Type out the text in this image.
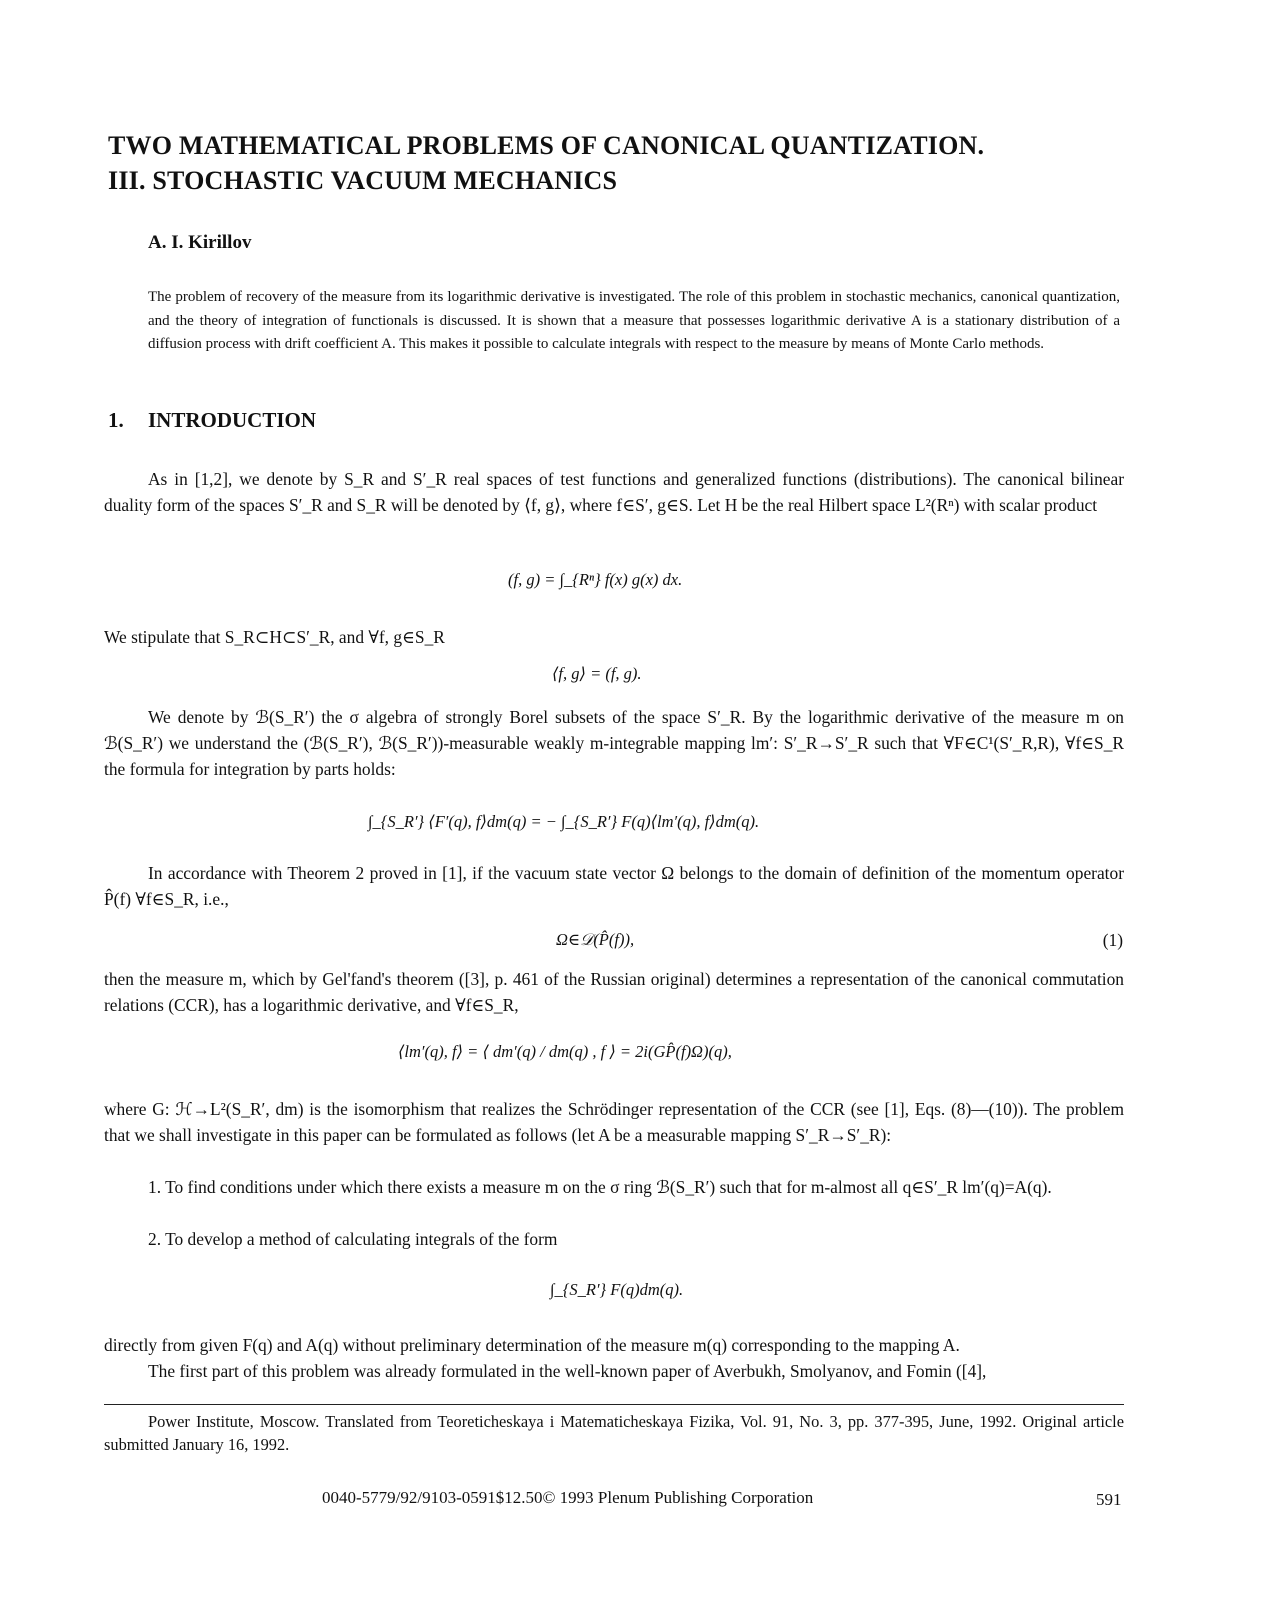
TWO MATHEMATICAL PROBLEMS OF CANONICAL QUANTIZATION.
III. STOCHASTIC VACUUM MECHANICS
A. I. Kirillov
The problem of recovery of the measure from its logarithmic derivative is investigated. The role of this problem in stochastic mechanics, canonical quantization, and the theory of integration of functionals is discussed. It is shown that a measure that possesses logarithmic derivative A is a stationary distribution of a diffusion process with drift coefficient A. This makes it possible to calculate integrals with respect to the measure by means of Monte Carlo methods.
1. INTRODUCTION
As in [1,2], we denote by S_R and S′_R real spaces of test functions and generalized functions (distributions). The canonical bilinear duality form of the spaces S′_R and S_R will be denoted by ⟨f, g⟩, where f∈S′, g∈S. Let H be the real Hilbert space L²(Rⁿ) with scalar product
(f, g) = ∫_{Rⁿ} f(x) g(x) dx.
We stipulate that S_R⊂H⊂S′_R, and ∀f, g∈S_R
⟨f, g⟩ = (f, g).
We denote by ℬ(S_R′) the σ algebra of strongly Borel subsets of the space S′_R. By the logarithmic derivative of the measure m on ℬ(S_R′) we understand the (ℬ(S_R′), ℬ(S_R′))-measurable weakly m-integrable mapping lm′: S′_R→S′_R such that ∀F∈C¹(S′_R,R), ∀f∈S_R the formula for integration by parts holds:
∫_{S_R′} ⟨F′(q), f⟩dm(q) = − ∫_{S_R′} F(q)⟨lm′(q), f⟩dm(q).
In accordance with Theorem 2 proved in [1], if the vacuum state vector Ω belongs to the domain of definition of the momentum operator P̂(f) ∀f∈S_R, i.e.,
Ω∈𝒟(P̂(f)),	(1)
then the measure m, which by Gel'fand's theorem ([3], p. 461 of the Russian original) determines a representation of the canonical commutation relations (CCR), has a logarithmic derivative, and ∀f∈S_R,
⟨lm′(q), f⟩ = ⟨ dm′(q) / dm(q) , f ⟩ = 2i(GP̂(f)Ω)(q),
where G: ℋ→L²(S_R′, dm) is the isomorphism that realizes the Schrödinger representation of the CCR (see [1], Eqs. (8)—(10)). The problem that we shall investigate in this paper can be formulated as follows (let A be a measurable mapping S′_R→S′_R):
1. To find conditions under which there exists a measure m on the σ ring ℬ(S_R′) such that for m-almost all q∈S′_R lm′(q)=A(q).
2. To develop a method of calculating integrals of the form
∫_{S_R′} F(q)dm(q).
directly from given F(q) and A(q) without preliminary determination of the measure m(q) corresponding to the mapping A.
The first part of this problem was already formulated in the well-known paper of Averbukh, Smolyanov, and Fomin ([4],
Power Institute, Moscow. Translated from Teoreticheskaya i Matematicheskaya Fizika, Vol. 91, No. 3, pp. 377-395, June, 1992. Original article submitted January 16, 1992.
0040-5779/92/9103-0591$12.50© 1993 Plenum Publishing Corporation	591
